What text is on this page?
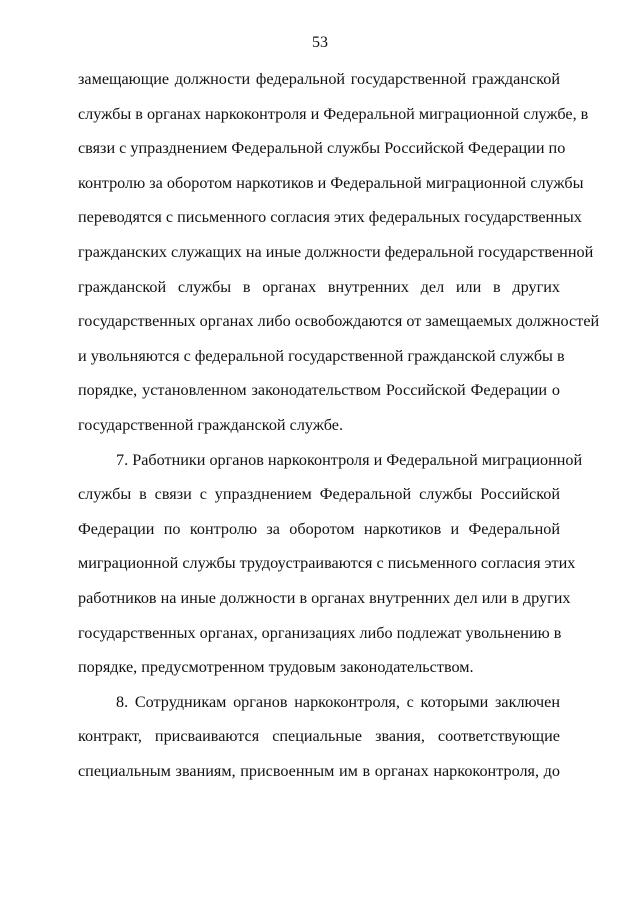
53
замещающие должности федеральной государственной гражданской
службы в органах наркоконтроля и Федеральной миграционной службе, в
связи с упразднением Федеральной службы Российской Федерации по
контролю за оборотом наркотиков и Федеральной миграционной службы
переводятся с письменного согласия этих федеральных государственных
гражданских служащих на иные должности федеральной государственной
гражданской службы в органах внутренних дел или в других
государственных органах либо освобождаются от замещаемых должностей
и увольняются с федеральной государственной гражданской службы в
порядке, установленном законодательством Российской Федерации о
государственной гражданской службе.
7. Работники органов наркоконтроля и Федеральной миграционной
службы в связи с упразднением Федеральной службы Российской
Федерации по контролю за оборотом наркотиков и Федеральной
миграционной службы трудоустраиваются с письменного согласия этих
работников на иные должности в органах внутренних дел или в других
государственных органах, организациях либо подлежат увольнению в
порядке, предусмотренном трудовым законодательством.
8. Сотрудникам органов наркоконтроля, с которыми заключен
контракт, присваиваются специальные звания, соответствующие
специальным званиям, присвоенным им в органах наркоконтроля, до
